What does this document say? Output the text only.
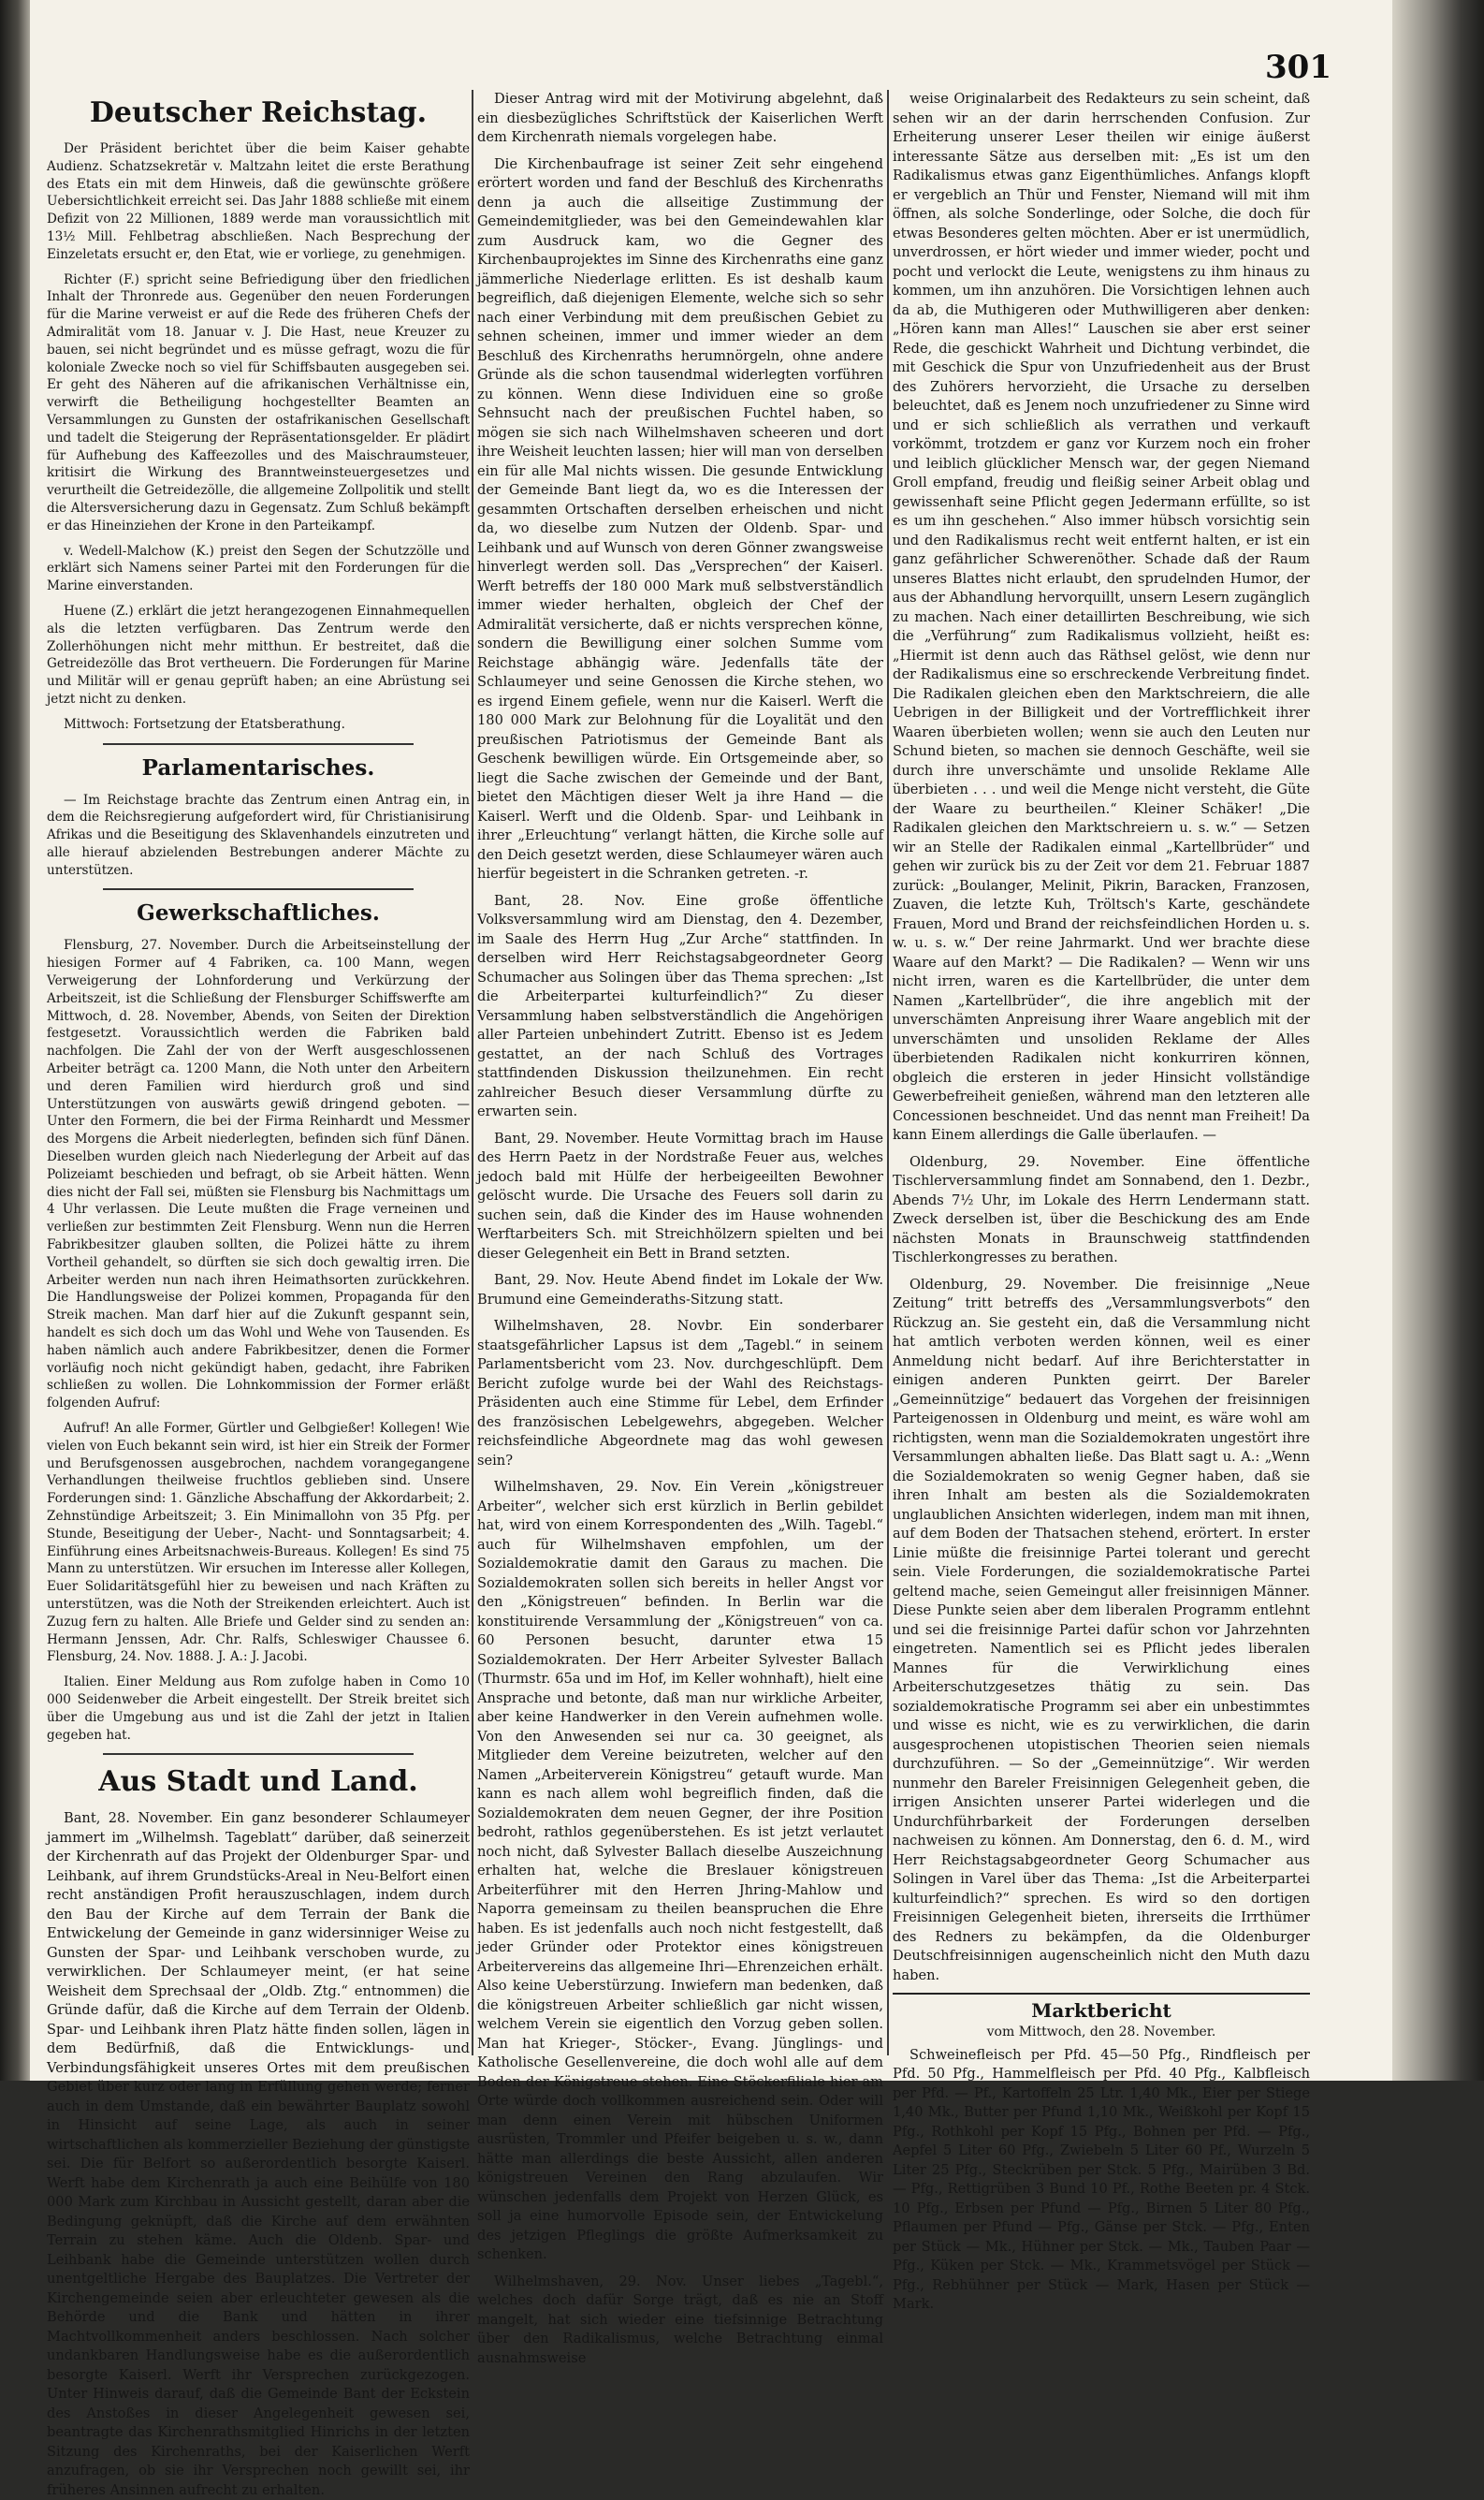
301
Deutscher Reichstag.

Der Präsident berichtet über die beim Kaiser gehabte Audienz. Schatzsekretär v. Maltzahn leitet die erste Berathung des Etats ein mit dem Hinweis, daß die gewünschte größere Uebersichtlichkeit erreicht sei. Das Jahr 1888 schließe mit einem Defizit von 22 Millionen, 1889 werde man voraussichtlich mit 13½ Mill. Fehlbetrag abschließen. Nach Besprechung der Einzeletats ersucht er, den Etat, wie er vorliege, zu genehmigen.

Richter (F.) spricht seine Befriedigung über den friedlichen Inhalt der Thronrede aus. Gegenüber den neuen Forderungen für die Marine verweist er auf die Rede des früheren Chefs der Admiralität vom 18. Januar v. J. Die Hast, neue Kreuzer zu bauen, sei nicht begründet und es müsse gefragt, wozu die für koloniale Zwecke noch so viel für Schiffsbauten ausgegeben sei. Er geht des Näheren auf die afrikanischen Verhältnisse ein, verwirft die Betheiligung hochgestellter Beamten an Versammlungen zu Gunsten der ostafrikanischen Gesellschaft und tadelt die Steigerung der Repräsentationsgelder. Er plädirt für Aufhebung des Kaffeezolles und des Maischraumsteuer, kritisirt die Wirkung des Branntweinsteuergesetzes und verurtheilt die Getreidezölle, die allgemeine Zollpolitik und stellt die Altersversicherung dazu in Gegensatz. Zum Schluß bekämpft er das Hineinziehen der Krone in den Parteikampf.

v. Wedell-Malchow (K.) preist den Segen der Schutzzölle und erklärt sich Namens seiner Partei mit den Forderungen für die Marine einverstanden.

Huene (Z.) erklärt die jetzt herangezogenen Einnahmequellen als die letzten verfügbaren. Das Zentrum werde den Zollerhöhungen nicht mehr mitthun. Er bestreitet, daß die Getreidezölle das Brot vertheuern. Die Forderungen für Marine und Militär will er genau geprüft haben; an eine Abrüstung sei jetzt nicht zu denken.

Mittwoch: Fortsetzung der Etatsberathung.

Parlamentarisches.

— Im Reichstage brachte das Zentrum einen Antrag ein, in dem die Reichsregierung aufgefordert wird, für Christianisirung Afrikas und die Beseitigung des Sklavenhandels einzutreten und alle hierauf abzielenden Bestrebungen anderer Mächte zu unterstützen.

Gewerkschaftliches.

Flensburg, 27. November. Durch die Arbeitseinstellung der hiesigen Former auf 4 Fabriken, ca. 100 Mann, wegen Verweigerung der Lohnforderung und Verkürzung der Arbeitszeit, ist die Schließung der Flensburger Schiffswerfte am Mittwoch, d. 28. November, Abends, von Seiten der Direktion festgesetzt. Voraussichtlich werden die Fabriken bald nachfolgen. Die Zahl der von der Werft ausgeschlossenen Arbeiter beträgt ca. 1200 Mann, die Noth unter den Arbeitern und deren Familien wird hierdurch groß und sind Unterstützungen von auswärts gewiß dringend geboten. — Unter den Formern, die bei der Firma Reinhardt und Messmer des Morgens die Arbeit niederlegten, befinden sich fünf Dänen. Dieselben wurden gleich nach Niederlegung der Arbeit auf das Polizeiamt beschieden und befragt, ob sie Arbeit hätten. Wenn dies nicht der Fall sei, müßten sie Flensburg bis Nachmittags um 4 Uhr verlassen. Die Leute mußten die Frage verneinen und verließen zur bestimmten Zeit Flensburg. Wenn nun die Herren Fabrikbesitzer glauben sollten, die Polizei hätte zu ihrem Vortheil gehandelt, so dürften sie sich doch gewaltig irren. Die Arbeiter werden nun nach ihren Heimathsorten zurückkehren. Die Handlungsweise der Polizei kommen, Propaganda für den Streik machen. Man darf hier auf die Zukunft gespannt sein, handelt es sich doch um das Wohl und Wehe von Tausenden. Es haben nämlich auch andere Fabrikbesitzer, denen die Former vorläufig noch nicht gekündigt haben, gedacht, ihre Fabriken schließen zu wollen. Die Lohnkommission der Former erläßt folgenden Aufruf:

Aufruf! An alle Former, Gürtler und Gelbgießer! Kollegen! Wie vielen von Euch bekannt sein wird, ist hier ein Streik der Former und Berufsgenossen ausgebrochen, nachdem vorangegangene Verhandlungen theilweise fruchtlos geblieben sind. Unsere Forderungen sind: 1. Gänzliche Abschaffung der Akkordarbeit; 2. Zehnstündige Arbeitszeit; 3. Ein Minimallohn von 35 Pfg. per Stunde, Beseitigung der Ueber-, Nacht- und Sonntagsarbeit; 4. Einführung eines Arbeitsnachweis-Bureaus. Kollegen! Es sind 75 Mann zu unterstützen. Wir ersuchen im Interesse aller Kollegen, Euer Solidaritätsgefühl hier zu beweisen und nach Kräften zu unterstützen, was die Noth der Streikenden erleichtert. Auch ist Zuzug fern zu halten. Alle Briefe und Gelder sind zu senden an: Hermann Jenssen, Adr. Chr. Ralfs, Schleswiger Chaussee 6. Flensburg, 24. Nov. 1888. J. A.: J. Jacobi.

Italien. Einer Meldung aus Rom zufolge haben in Como 10 000 Seidenweber die Arbeit eingestellt. Der Streik breitet sich über die Umgebung aus und ist die Zahl der jetzt in Italien gegeben hat.

Aus Stadt und Land.

Bant, 28. November. Ein ganz besonderer Schlaumeyer jammert im „Wilhelmsh. Tageblatt“ darüber, daß seinerzeit der Kirchenrath auf das Projekt der Oldenburger Spar- und Leihbank, auf ihrem Grundstücks-Areal in Neu-Belfort einen recht anständigen Profit herauszuschlagen, indem durch den Bau der Kirche auf dem Terrain der Bank die Entwickelung der Gemeinde in ganz widersinniger Weise zu Gunsten der Spar- und Leihbank verschoben wurde, zu verwirklichen. Der Schlaumeyer meint, (er hat seine Weisheit dem Sprechsaal der „Oldb. Ztg.“ entnommen) die Gründe dafür, daß die Kirche auf dem Terrain der Oldenb. Spar- und Leihbank ihren Platz hätte finden sollen, lägen in dem Bedürfniß, daß die Entwicklungs- und Verbindungsfähigkeit unseres Ortes mit dem preußischen Gebiet über kurz oder lang in Erfüllung gehen werde; ferner auch in dem Umstande, daß ein bewährter Bauplatz sowohl in Hinsicht auf seine Lage, als auch in seiner wirtschaftlichen als kommerzieller Beziehung der günstigste sei. Die für Belfort so außerordentlich besorgte Kaiserl. Werft habe dem Kirchenrath ja auch eine Beihülfe von 180 000 Mark zum Kirchbau in Aussicht gestellt, daran aber die Bedingung geknüpft, daß die Kirche auf dem erwähnten Terrain zu stehen käme. Auch die Oldenb. Spar- und Leihbank habe die Gemeinde unterstützen wollen durch unentgeltliche Hergabe des Bauplatzes. Die Vertreter der Kirchengemeinde seien aber erleuchteter gewesen als die Behörde und die Bank und hätten in ihrer Machtvollkommenheit anders beschlossen. Nach solcher undankbaren Handlungsweise habe es die außerordentlich besorgte Kaiserl. Werft ihr Versprechen zurückgezogen. Unter Hinweis darauf, daß die Gemeinde Bant der Eckstein des Anstoßes in dieser Angelegenheit gewesen sei, beantragte das Kirchenrathsmitglied Hinrichs in der letzten Sitzung des Kirchenraths, bei der Kaiserlichen Werft anzufragen, ob sie ihr Versprechen noch gewillt sei, ihr früheres Ansinnen aufrecht zu erhalten.

Dieser Antrag wird mit der Motivirung abgelehnt, daß ein diesbezügliches Schriftstück der Kaiserlichen Werft dem Kirchenrath niemals vorgelegen habe.

Die Kirchenbaufrage ist seiner Zeit sehr eingehend erörtert worden und fand der Beschluß des Kirchenraths denn ja auch die allseitige Zustimmung der Gemeindemitglieder, was bei den Gemeindewahlen klar zum Ausdruck kam, wo die Gegner des Kirchenbauprojektes im Sinne des Kirchenraths eine ganz jämmerliche Niederlage erlitten. Es ist deshalb kaum begreiflich, daß diejenigen Elemente, welche sich so sehr nach einer Verbindung mit dem preußischen Gebiet zu sehnen scheinen, immer und immer wieder an dem Beschluß des Kirchenraths herumnörgeln, ohne andere Gründe als die schon tausendmal widerlegten vorführen zu können. Wenn diese Individuen eine so große Sehnsucht nach der preußischen Fuchtel haben, so mögen sie sich nach Wilhelmshaven scheeren und dort ihre Weisheit leuchten lassen; hier will man von derselben ein für alle Mal nichts wissen. Die gesunde Entwicklung der Gemeinde Bant liegt da, wo es die Interessen der gesammten Ortschaften derselben erheischen und nicht da, wo dieselbe zum Nutzen der Oldenb. Spar- und Leihbank und auf Wunsch von deren Gönner zwangsweise hinverlegt werden soll. Das „Versprechen“ der Kaiserl. Werft betreffs der 180 000 Mark muß selbstverständlich immer wieder herhalten, obgleich der Chef der Admiralität versicherte, daß er nichts versprechen könne, sondern die Bewilligung einer solchen Summe vom Reichstage abhängig wäre. Jedenfalls täte der Schlaumeyer und seine Genossen die Kirche stehen, wo es irgend Einem gefiele, wenn nur die Kaiserl. Werft die 180 000 Mark zur Belohnung für die Loyalität und den preußischen Patriotismus der Gemeinde Bant als Geschenk bewilligen würde. Ein Ortsgemeinde aber, so liegt die Sache zwischen der Gemeinde und der Bant, bietet den Mächtigen dieser Welt ja ihre Hand — die Kaiserl. Werft und die Oldenb. Spar- und Leihbank in ihrer „Erleuchtung“ verlangt hätten, die Kirche solle auf den Deich gesetzt werden, diese Schlaumeyer wären auch hierfür begeistert in die Schranken getreten. -r.

Bant, 28. Nov. Eine große öffentliche Volksversammlung wird am Dienstag, den 4. Dezember, im Saale des Herrn Hug „Zur Arche“ stattfinden. In derselben wird Herr Reichstagsabgeordneter Georg Schumacher aus Solingen über das Thema sprechen: „Ist die Arbeiterpartei kulturfeindlich?“ Zu dieser Versammlung haben selbstverständlich die Angehörigen aller Parteien unbehindert Zutritt. Ebenso ist es Jedem gestattet, an der nach Schluß des Vortrages stattfindenden Diskussion theilzunehmen. Ein recht zahlreicher Besuch dieser Versammlung dürfte zu erwarten sein.

Bant, 29. November. Heute Vormittag brach im Hause des Herrn Paetz in der Nordstraße Feuer aus, welches jedoch bald mit Hülfe der herbeigeeilten Bewohner gelöscht wurde. Die Ursache des Feuers soll darin zu suchen sein, daß die Kinder des im Hause wohnenden Werftarbeiters Sch. mit Streichhölzern spielten und bei dieser Gelegenheit ein Bett in Brand setzten.

Bant, 29. Nov. Heute Abend findet im Lokale der Ww. Brumund eine Gemeinderaths-Sitzung statt.

Wilhelmshaven, 28. Novbr. Ein sonderbarer staatsgefährlicher Lapsus ist dem „Tagebl.“ in seinem Parlamentsbericht vom 23. Nov. durchgeschlüpft. Dem Bericht zufolge wurde bei der Wahl des Reichstags-Präsidenten auch eine Stimme für Lebel, dem Erfinder des französischen Lebelgewehrs, abgegeben. Welcher reichsfeindliche Abgeordnete mag das wohl gewesen sein?

Wilhelmshaven, 29. Nov. Ein Verein „königstreuer Arbeiter“, welcher sich erst kürzlich in Berlin gebildet hat, wird von einem Korrespondenten des „Wilh. Tagebl.“ auch für Wilhelmshaven empfohlen, um der Sozialdemokratie damit den Garaus zu machen. Die Sozialdemokraten sollen sich bereits in heller Angst vor den „Königstreuen“ befinden. In Berlin war die konstituirende Versammlung der „Königstreuen“ von ca. 60 Personen besucht, darunter etwa 15 Sozialdemokraten. Der Herr Arbeiter Sylvester Ballach (Thurmstr. 65a und im Hof, im Keller wohnhaft), hielt eine Ansprache und betonte, daß man nur wirkliche Arbeiter, aber keine Handwerker in den Verein aufnehmen wolle. Von den Anwesenden sei nur ca. 30 geeignet, als Mitglieder dem Vereine beizutreten, welcher auf den Namen „Arbeiterverein Königstreu“ getauft wurde. Man kann es nach allem wohl begreiflich finden, daß die Sozialdemokraten dem neuen Gegner, der ihre Position bedroht, rathlos gegenüberstehen. Es ist jetzt verlautet noch nicht, daß Sylvester Ballach dieselbe Auszeichnung erhalten hat, welche die Breslauer königstreuen Arbeiterführer mit den Herren Jhring-Mahlow und Naporra gemeinsam zu theilen beanspruchen die Ehre haben. Es ist jedenfalls auch noch nicht festgestellt, daß jeder Gründer oder Protektor eines königstreuen Arbeitervereins das allgemeine Ihri—Ehrenzeichen erhält. Also keine Ueberstürzung. Inwiefern man bedenken, daß die königstreuen Arbeiter schließlich gar nicht wissen, welchem Verein sie eigentlich den Vorzug geben sollen. Man hat Krieger-, Stöcker-, Evang. Jünglings- und Katholische Gesellenvereine, die doch wohl alle auf dem Boden der Königstreue stehen. Eine Stöckerfiliale hier am Orte würde doch vollkommen ausreichend sein. Oder will man denn einen Verein mit hübschen Uniformen ausrüsten, Trommler und Pfeifer beigeben u. s. w., dann hätte man allerdings die beste Aussicht, allen anderen königstreuen Vereinen den Rang abzulaufen. Wir wünschen jedenfalls dem Projekt von Herzen Glück, es soll ja eine humorvolle Episode sein, der Entwickelung des jetzigen Pfleglings die größte Aufmerksamkeit zu schenken.

Wilhelmshaven, 29. Nov. Unser liebes „Tagebl.“, welches doch dafür Sorge trägt, daß es nie an Stoff mangelt, hat sich wieder eine tiefsinnige Betrachtung über den Radikalismus, welche Betrachtung einmal ausnahmsweise

weise Originalarbeit des Redakteurs zu sein scheint, daß sehen wir an der darin herrschenden Confusion. Zur Erheiterung unserer Leser theilen wir einige äußerst interessante Sätze aus derselben mit: „Es ist um den Radikalismus etwas ganz Eigenthümliches. Anfangs klopft er vergeblich an Thür und Fenster, Niemand will mit ihm öffnen, als solche Sonderlinge, oder Solche, die doch für etwas Besonderes gelten möchten. Aber er ist unermüdlich, unverdrossen, er hört wieder und immer wieder, pocht und pocht und verlockt die Leute, wenigstens zu ihm hinaus zu kommen, um ihn anzuhören. Die Vorsichtigen lehnen auch da ab, die Muthigeren oder Muthwilligeren aber denken: „Hören kann man Alles!“ Lauschen sie aber erst seiner Rede, die geschickt Wahrheit und Dichtung verbindet, die mit Geschick die Spur von Unzufriedenheit aus der Brust des Zuhörers hervorzieht, die Ursache zu derselben beleuchtet, daß es Jenem noch unzufriedener zu Sinne wird und er sich schließlich als verrathen und verkauft vorkömmt, trotzdem er ganz vor Kurzem noch ein froher und leiblich glücklicher Mensch war, der gegen Niemand Groll empfand, freudig und fleißig seiner Arbeit oblag und gewissenhaft seine Pflicht gegen Jedermann erfüllte, so ist es um ihn geschehen.“ Also immer hübsch vorsichtig sein und den Radikalismus recht weit entfernt halten, er ist ein ganz gefährlicher Schwerenöther. Schade daß der Raum unseres Blattes nicht erlaubt, den sprudelnden Humor, der aus der Abhandlung hervorquillt, unsern Lesern zugänglich zu machen. Nach einer detaillirten Beschreibung, wie sich die „Verführung“ zum Radikalismus vollzieht, heißt es: „Hiermit ist denn auch das Räthsel gelöst, wie denn nur der Radikalismus eine so erschreckende Verbreitung findet. Die Radikalen gleichen eben den Marktschreiern, die alle Uebrigen in der Billigkeit und der Vortrefflichkeit ihrer Waaren überbieten wollen; wenn sie auch den Leuten nur Schund bieten, so machen sie dennoch Geschäfte, weil sie durch ihre unverschämte und unsolide Reklame Alle überbieten . . . und weil die Menge nicht versteht, die Güte der Waare zu beurtheilen.“ Kleiner Schäker! „Die Radikalen gleichen den Marktschreiern u. s. w.“ — Setzen wir an Stelle der Radikalen einmal „Kartellbrüder“ und gehen wir zurück bis zu der Zeit vor dem 21. Februar 1887 zurück: „Boulanger, Melinit, Pikrin, Baracken, Franzosen, Zuaven, die letzte Kuh, Tröltsch's Karte, geschändete Frauen, Mord und Brand der reichsfeindlichen Horden u. s. w. u. s. w.“ Der reine Jahrmarkt. Und wer brachte diese Waare auf den Markt? — Die Radikalen? — Wenn wir uns nicht irren, waren es die Kartellbrüder, die unter dem Namen „Kartellbrüder“, die ihre angeblich mit der unverschämten Anpreisung ihrer Waare angeblich mit der unverschämten und unsoliden Reklame der Alles überbietenden Radikalen nicht konkurriren können, obgleich die ersteren in jeder Hinsicht vollständige Gewerbefreiheit genießen, während man den letzteren alle Concessionen beschneidet. Und das nennt man Freiheit! Da kann Einem allerdings die Galle überlaufen. —

Oldenburg, 29. November. Eine öffentliche Tischlerversammlung findet am Sonnabend, den 1. Dezbr., Abends 7½ Uhr, im Lokale des Herrn Lendermann statt. Zweck derselben ist, über die Beschickung des am Ende nächsten Monats in Braunschweig stattfindenden Tischlerkongresses zu berathen.

Oldenburg, 29. November. Die freisinnige „Neue Zeitung“ tritt betreffs des „Versammlungsverbots“ den Rückzug an. Sie gesteht ein, daß die Versammlung nicht hat amtlich verboten werden können, weil es einer Anmeldung nicht bedarf. Auf ihre Berichterstatter in einigen anderen Punkten geirrt. Der Bareler „Gemeinnützige“ bedauert das Vorgehen der freisinnigen Parteigenossen in Oldenburg und meint, es wäre wohl am richtigsten, wenn man die Sozialdemokraten ungestört ihre Versammlungen abhalten ließe. Das Blatt sagt u. A.: „Wenn die Sozialdemokraten so wenig Gegner haben, daß sie ihren Inhalt am besten als die Sozialdemokraten unglaublichen Ansichten widerlegen, indem man mit ihnen, auf dem Boden der Thatsachen stehend, erörtert. In erster Linie müßte die freisinnige Partei tolerant und gerecht sein. Viele Forderungen, die sozialdemokratische Partei geltend mache, seien Gemeingut aller freisinnigen Männer. Diese Punkte seien aber dem liberalen Programm entlehnt und sei die freisinnige Partei dafür schon vor Jahrzehnten eingetreten. Namentlich sei es Pflicht jedes liberalen Mannes für die Verwirklichung eines Arbeiterschutzgesetzes thätig zu sein. Das sozialdemokratische Programm sei aber ein unbestimmtes und wisse es nicht, wie es zu verwirklichen, die darin ausgesprochenen utopistischen Theorien seien niemals durchzuführen. — So der „Gemeinnützige“. Wir werden nunmehr den Bareler Freisinnigen Gelegenheit geben, die irrigen Ansichten unserer Partei widerlegen und die Undurchführbarkeit der Forderungen derselben nachweisen zu können. Am Donnerstag, den 6. d. M., wird Herr Reichstagsabgeordneter Georg Schumacher aus Solingen in Varel über das Thema: „Ist die Arbeiterpartei kulturfeindlich?“ sprechen. Es wird so den dortigen Freisinnigen Gelegenheit bieten, ihrerseits die Irrthümer des Redners zu bekämpfen, da die Oldenburger Deutschfreisinnigen augenscheinlich nicht den Muth dazu haben.

Marktbericht
vom Mittwoch, den 28. November.

Schweinefleisch per Pfd. 45—50 Pfg., Rindfleisch per Pfd. 50 Pfg., Hammelfleisch per Pfd. 40 Pfg., Kalbfleisch per Pfd. — Pf., Kartoffeln 25 Ltr. 1,40 Mk., Eier per Stiege 1,40 Mk., Butter per Pfund 1,10 Mk., Weißkohl per Kopf 15 Pfg., Rothkohl per Kopf 15 Pfg., Bohnen per Pfd. — Pfg., Aepfel 5 Liter 60 Pfg., Zwiebeln 5 Liter 60 Pf., Wurzeln 5 Liter 25 Pfg., Steckrüben per Stck. 5 Pfg., Mairüben 3 Bd. — Pfg., Rettigrüben 3 Bund 10 Pf., Rothe Beeten pr. 4 Stck. 10 Pfg., Erbsen per Pfund — Pfg., Birnen 5 Liter 80 Pfg., Pflaumen per Pfund — Pfg., Gänse per Stck. — Pfg., Enten per Stück — Mk., Hühner per Stck. — Mk., Tauben Paar — Pfg., Küken per Stck. — Mk., Krammetsvögel per Stück — Pfg., Rebhühner per Stück — Mark, Hasen per Stück — Mark.
